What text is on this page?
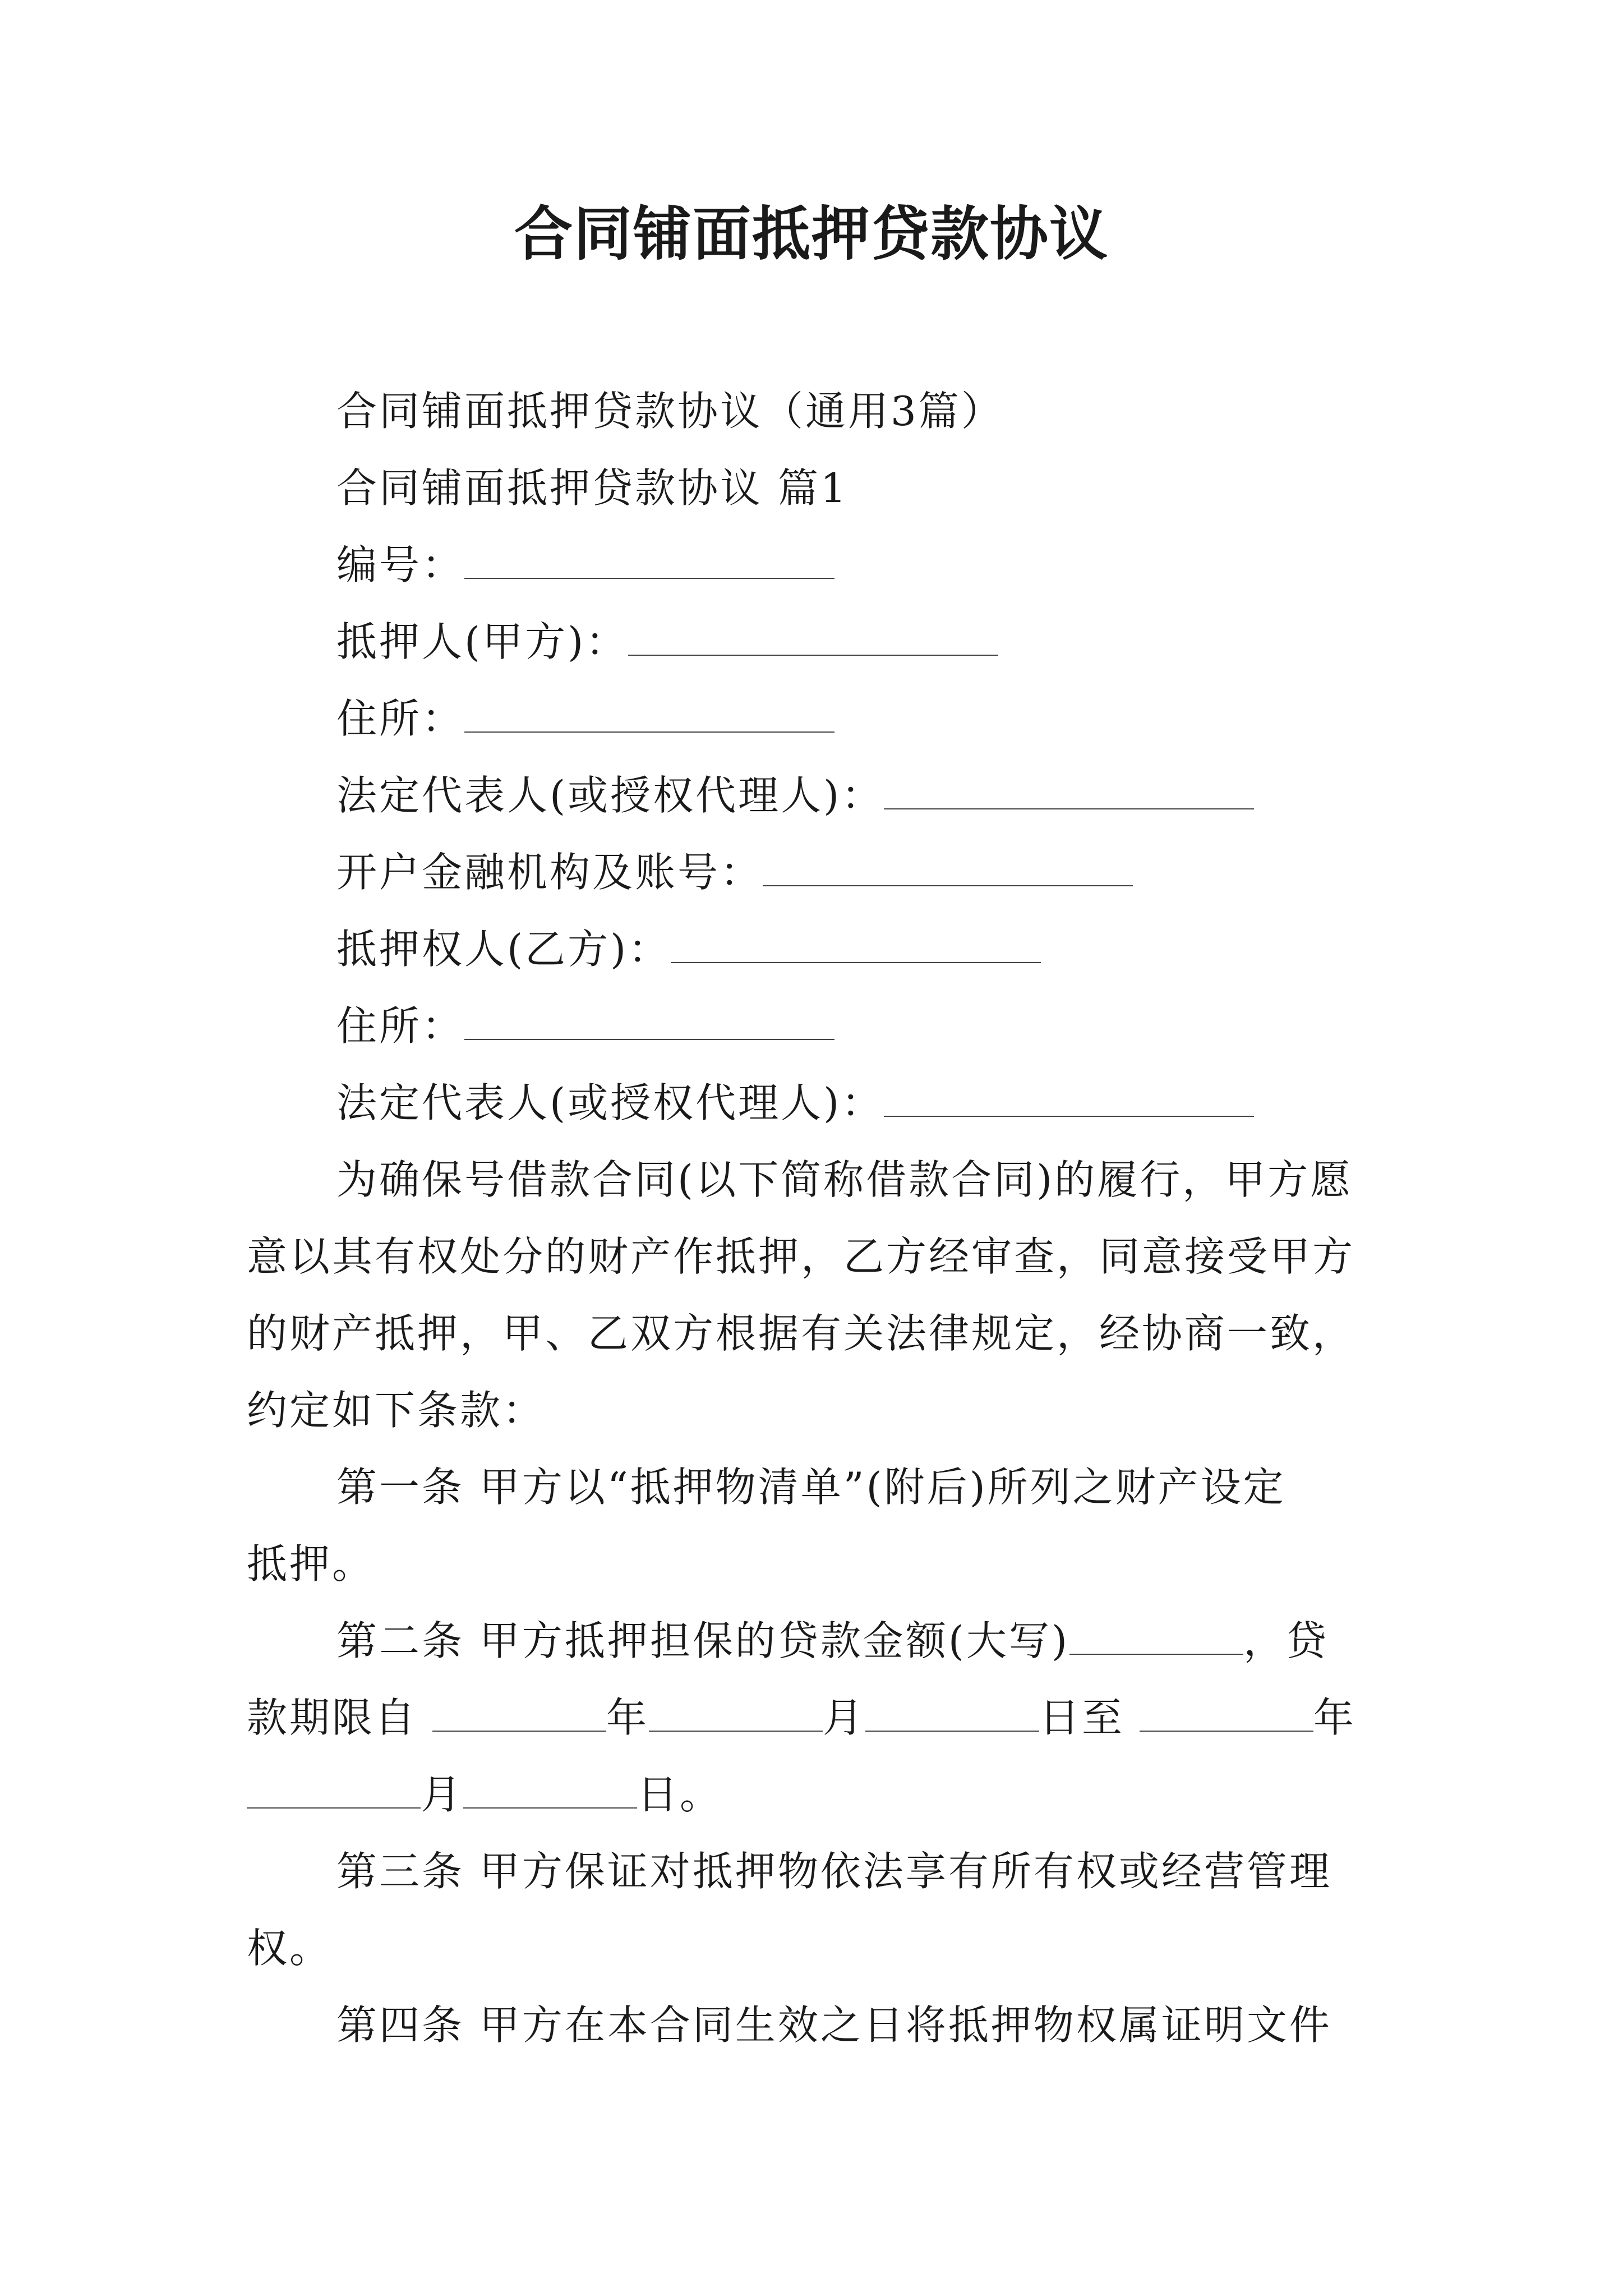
合同铺面抵押贷款协议
合同铺面抵押贷款协议（通用3篇）
合同铺面抵押贷款协议 篇1
编号：
抵押人(甲方)：
住所：
法定代表人(或授权代理人)：
开户金融机构及账号：
抵押权人(乙方)：
住所：
法定代表人(或授权代理人)：
为确保号借款合同(以下简称借款合同)的履行，甲方愿
意以其有权处分的财产作抵押，乙方经审查，同意接受甲方
的财产抵押，甲、乙双方根据有关法律规定，经协商一致，
约定如下条款：
第一条 甲方以“抵押物清单”(附后)所列之财产设定
抵押。
第二条 甲方抵押担保的贷款金额(大写)	，贷
款期限自	年	月	日至	年
月	日。
第三条 甲方保证对抵押物依法享有所有权或经营管理
权。
第四条 甲方在本合同生效之日将抵押物权属证明文件
